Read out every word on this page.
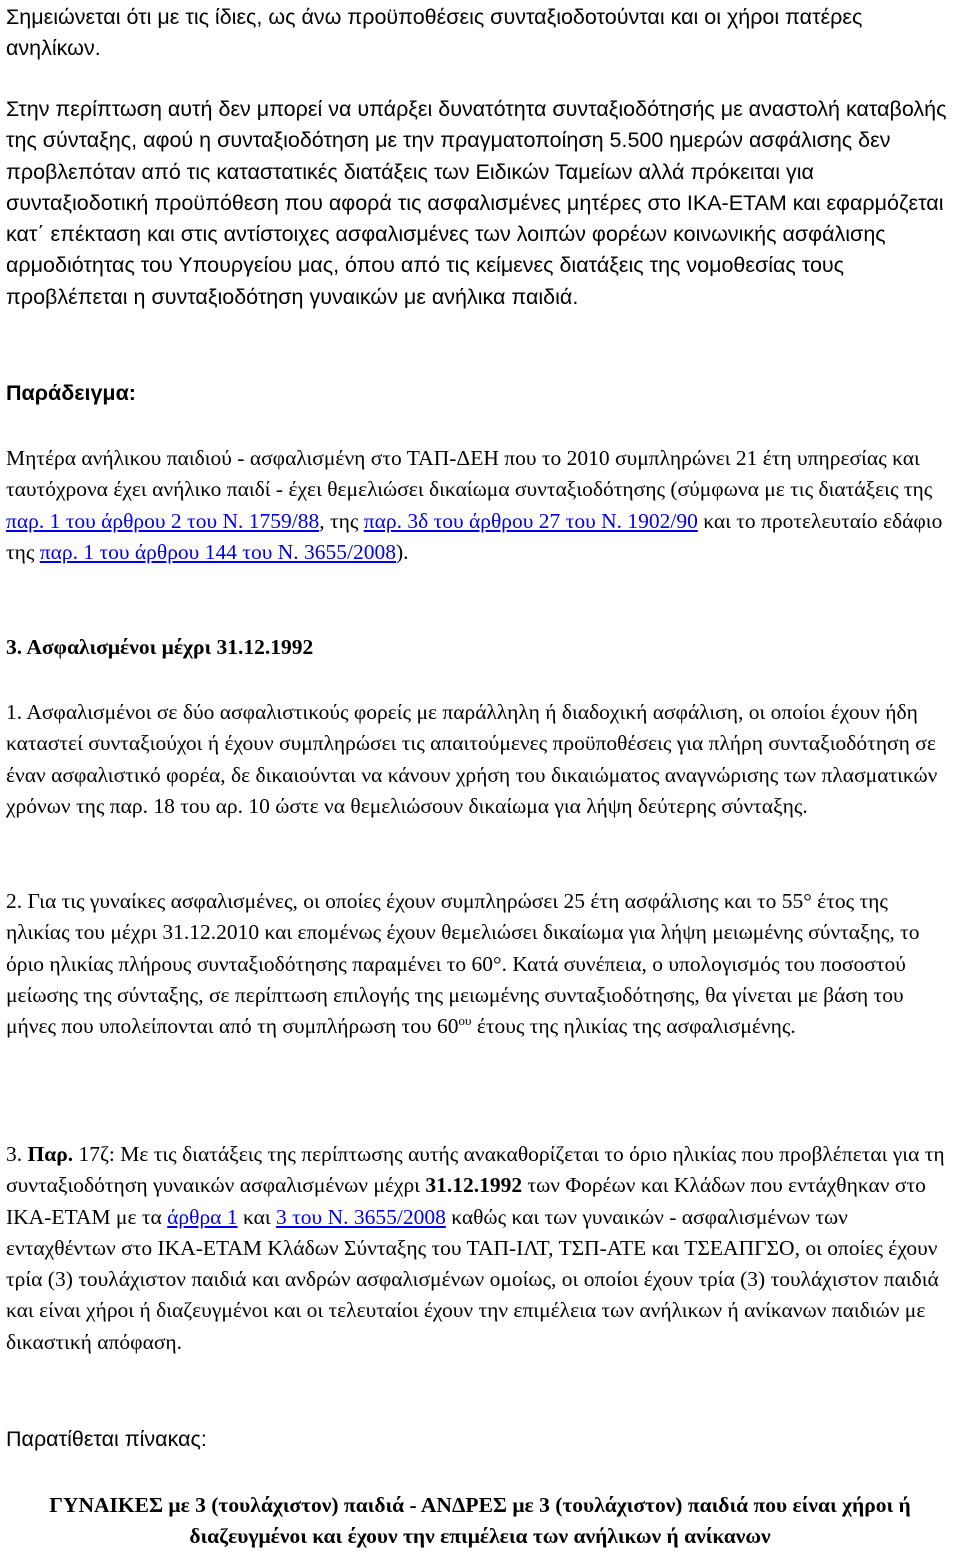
Σημειώνεται ότι με τις ίδιες, ως άνω προϋποθέσεις συνταξιοδοτούνται και οι χήροι πατέρες ανηλίκων.

Στην περίπτωση αυτή δεν μπορεί να υπάρξει δυνατότητα συνταξιοδότησής με αναστολή καταβολής της σύνταξης, αφού η συνταξιοδότηση με την πραγματοποίηση 5.500 ημερών ασφάλισης δεν προβλεπόταν από τις καταστατικές διατάξεις των Ειδικών Ταμείων αλλά πρόκειται για συνταξιοδοτική προϋπόθεση που αφορά τις ασφαλισμένες μητέρες στο ΙΚΑ-ΕΤΑΜ και εφαρμόζεται κατ΄ επέκταση και στις αντίστοιχες ασφαλισμένες των λοιπών φορέων κοινωνικής ασφάλισης αρμοδιότητας του Υπουργείου μας, όπου από τις κείμενες διατάξεις της νομοθεσίας τους προβλέπεται η συνταξιοδότηση γυναικών με ανήλικα παιδιά.

Παράδειγμα:

Μητέρα ανήλικου παιδιού - ασφαλισμένη στο ΤΑΠ-ΔΕΗ που το 2010 συμπληρώνει 21 έτη υπηρεσίας και ταυτόχρονα έχει ανήλικο παιδί - έχει θεμελιώσει δικαίωμα συνταξιοδότησης (σύμφωνα με τις διατάξεις της παρ. 1 του άρθρου 2 του Ν. 1759/88, της παρ. 3δ του άρθρου 27 του Ν. 1902/90 και το προτελευταίο εδάφιο της παρ. 1 του άρθρου 144 του Ν. 3655/2008).

3. Ασφαλισμένοι μέχρι 31.12.1992

1. Ασφαλισμένοι σε δύο ασφαλιστικούς φορείς με παράλληλη ή διαδοχική ασφάλιση, οι οποίοι έχουν ήδη καταστεί συνταξιούχοι ή έχουν συμπληρώσει τις απαιτούμενες προϋποθέσεις για πλήρη συνταξιοδότηση σε έναν ασφαλιστικό φορέα, δε δικαιούνται να κάνουν χρήση του δικαιώματος αναγνώρισης των πλασματικών χρόνων της παρ. 18 του αρ. 10 ώστε να θεμελιώσουν δικαίωμα για λήψη δεύτερης σύνταξης.

2. Για τις γυναίκες ασφαλισμένες, οι οποίες έχουν συμπληρώσει 25 έτη ασφάλισης και το 55° έτος της ηλικίας του μέχρι 31.12.2010 και επομένως έχουν θεμελιώσει δικαίωμα για λήψη μειωμένης σύνταξης, το όριο ηλικίας πλήρους συνταξιοδότησης παραμένει το 60°. Κατά συνέπεια, ο υπολογισμός του ποσοστού μείωσης της σύνταξης, σε περίπτωση επιλογής της μειωμένης συνταξιοδότησης, θα γίνεται με βάση του μήνες που υπολείπονται από τη συμπλήρωση του $60^{o\upsilon}$ έτους της ηλικίας της ασφαλισμένης.

3. Παρ. 17ζ: Με τις διατάξεις της περίπτωσης αυτής ανακαθορίζεται το όριο ηλικίας που προβλέπεται για τη συνταξιοδότηση γυναικών ασφαλισμένων μέχρι 31.12.1992 των Φορέων και Κλάδων που εντάχθηκαν στο ΙΚΑ-ΕΤΑΜ με τα άρθρα 1 και 3 του Ν. 3655/2008 καθώς και των γυναικών - ασφαλισμένων των ενταχθέντων στο ΙΚΑ-ΕΤΑΜ Κλάδων Σύνταξης του ΤΑΠ-ΙΛΤ, ΤΣΠ-ΑΤΕ και ΤΣΕΑΠΓΣΟ, οι οποίες έχουν τρία (3) τουλάχιστον παιδιά και ανδρών ασφαλισμένων ομοίως, οι οποίοι έχουν τρία (3) τουλάχιστον παιδιά και είναι χήροι ή διαζευγμένοι και οι τελευταίοι έχουν την επιμέλεια των ανήλικων ή ανίκανων παιδιών με δικαστική απόφαση.

Παρατίθεται πίνακας:

ΓΥΝΑΙΚΕΣ με 3 (τουλάχιστον) παιδιά - ΑΝΔΡΕΣ με 3 (τουλάχιστον) παιδιά που είναι χήροι ή διαζευγμένοι και έχουν την επιμέλεια των ανήλικων ή ανίκανων
